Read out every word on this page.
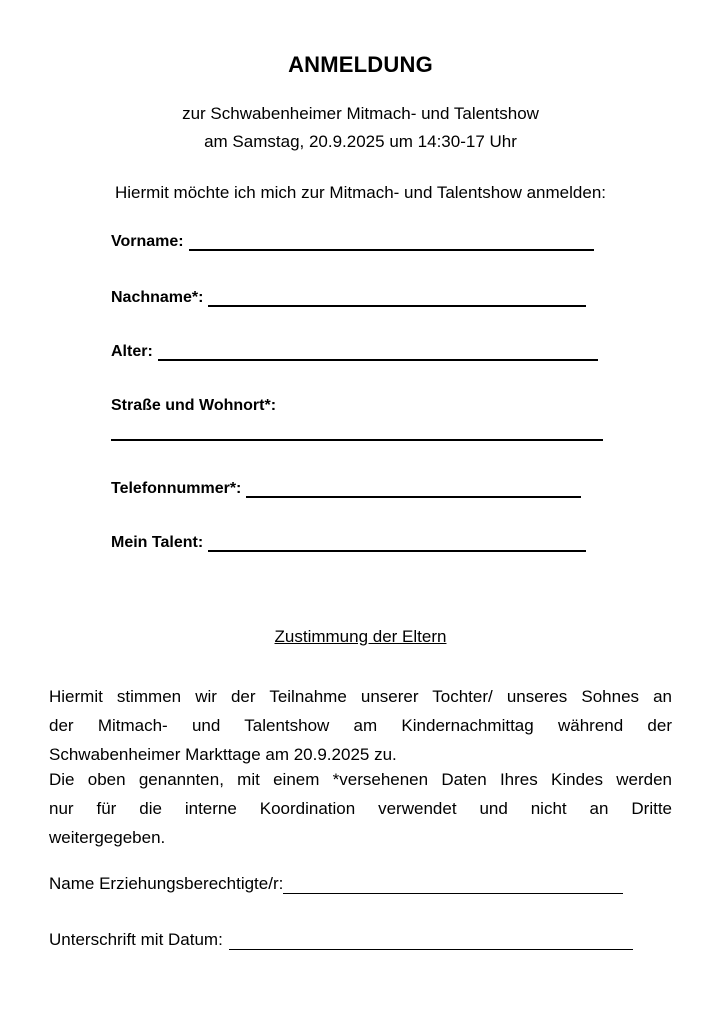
ANMELDUNG
zur Schwabenheimer Mitmach- und Talentshow
am Samstag, 20.9.2025 um 14:30-17 Uhr
Hiermit möchte ich mich zur Mitmach- und Talentshow anmelden:
Vorname:
Nachname*:
Alter:
Straße und Wohnort*:
Telefonnummer*:
Mein Talent:
Zustimmung der Eltern
Hiermit stimmen wir der Teilnahme unserer Tochter/ unseres Sohnes an
der Mitmach- und Talentshow am Kindernachmittag während der
Schwabenheimer Markttage am 20.9.2025 zu.
Die oben genannten, mit einem *versehenen Daten Ihres Kindes werden
nur für die interne Koordination verwendet und nicht an Dritte
weitergegeben.
Name Erziehungsberechtigte/r:
Unterschrift mit Datum:
